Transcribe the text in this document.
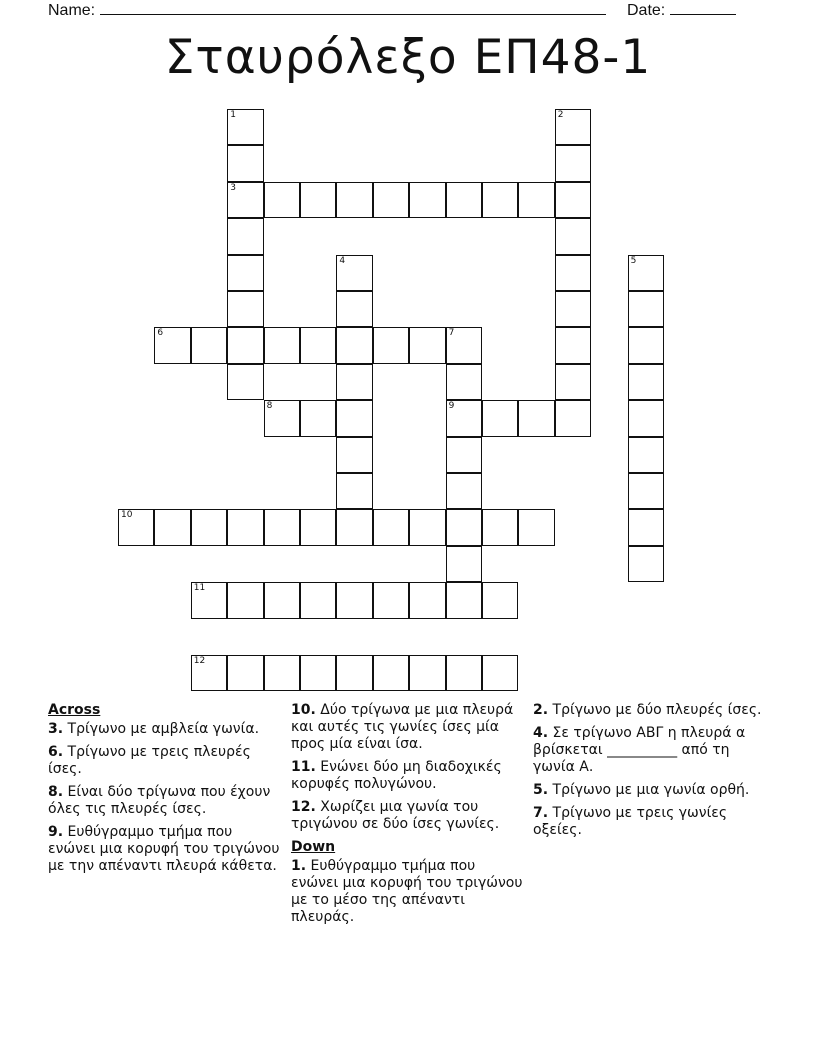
Name:	Date:
Σταυρόλεξο ΕΠ48-1
1
3
2
4	5
6	7
9
8
10
11
12
Across
3. Τρίγωνο με αμβλεία γωνία.
6. Τρίγωνο με τρεις πλευρές ίσες.
8. Είναι δύο τρίγωνα που έχουν όλες τις πλευρές ίσες.
9. Ευθύγραμμο τμήμα που ενώνει μια κορυφή του τριγώνου με την απέναντι πλευρά κάθετα.
10. Δύο τρίγωνα με μια πλευρά και αυτές τις γωνίες ίσες μία προς μία είναι ίσα.
11. Ενώνει δύο μη διαδοχικές κορυφές πολυγώνου.
12. Χωρίζει μια γωνία του τριγώνου σε δύο ίσες γωνίες.
Down
1. Ευθύγραμμο τμήμα που ενώνει μια κορυφή του τριγώνου με το μέσο της απέναντι πλευράς.
2. Τρίγωνο με δύο πλευρές ίσες.
4. Σε τρίγωνο ΑΒΓ η πλευρά α βρίσκεται __________ από τη γωνία Α.
5. Τρίγωνο με μια γωνία ορθή.
7. Τρίγωνο με τρεις γωνίες οξείες.
